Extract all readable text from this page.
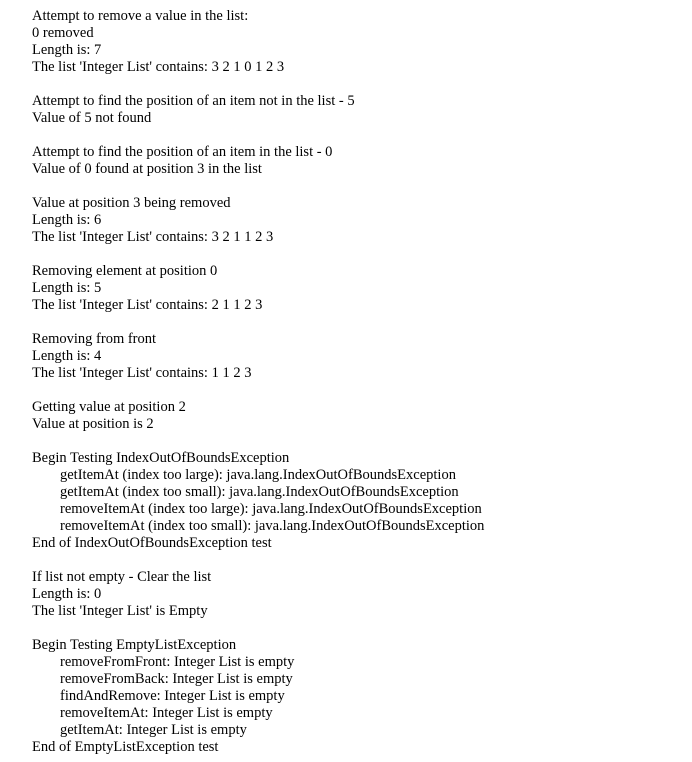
Attempt to remove a value in the list:
0 removed
Length is: 7
The list 'Integer List' contains: 3 2 1 0 1 2 3
Attempt to find the position of an item not in the list - 5
Value of 5 not found
Attempt to find the position of an item in the list - 0
Value of 0 found at position 3 in the list
Value at position 3 being removed
Length is: 6
The list 'Integer List' contains: 3 2 1 1 2 3
Removing element at position 0
Length is: 5
The list 'Integer List' contains: 2 1 1 2 3
Removing from front
Length is: 4
The list 'Integer List' contains: 1 1 2 3
Getting value at position 2
Value at position is 2
Begin Testing IndexOutOfBoundsException
getItemAt (index too large): java.lang.IndexOutOfBoundsException
getItemAt (index too small): java.lang.IndexOutOfBoundsException
removeItemAt (index too large): java.lang.IndexOutOfBoundsException
removeItemAt (index too small): java.lang.IndexOutOfBoundsException
End of IndexOutOfBoundsException test
If list not empty - Clear the list
Length is: 0
The list 'Integer List' is Empty
Begin Testing EmptyListException
removeFromFront: Integer List is empty
removeFromBack: Integer List is empty
findAndRemove: Integer List is empty
removeItemAt: Integer List is empty
getItemAt: Integer List is empty
End of EmptyListException test
